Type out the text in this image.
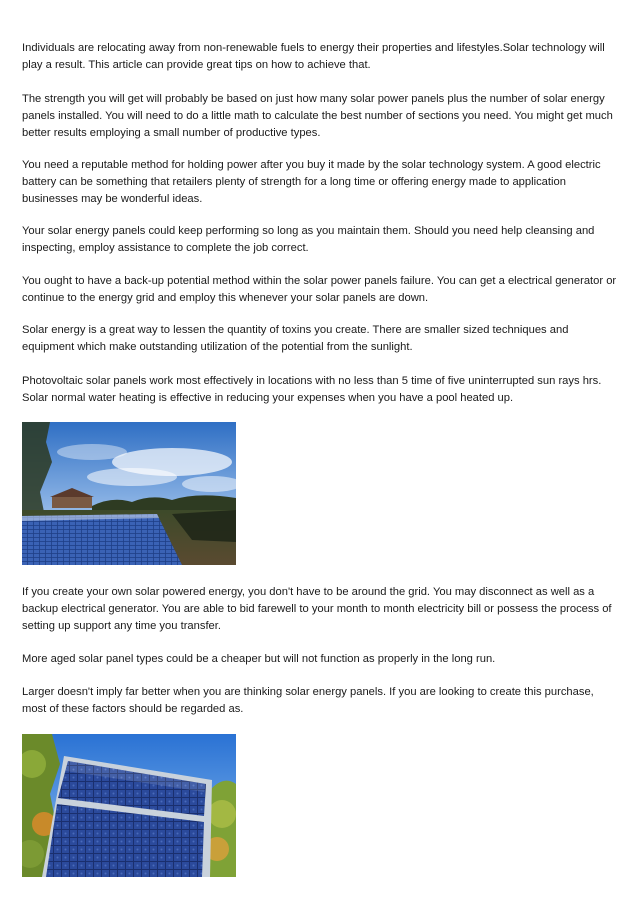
Individuals are relocating away from non-renewable fuels to energy their properties and lifestyles.Solar technology will play a result. This article can provide great tips on how to achieve that.

The strength you will get will probably be based on just how many solar power panels plus the number of solar energy panels installed. You will need to do a little math to calculate the best number of sections you need. You might get much better results employing a small number of productive types.

You need a reputable method for holding power after you buy it made by the solar technology system. A good electric battery can be something that retailers plenty of strength for a long time or offering energy made to application businesses may be wonderful ideas.

Your solar energy panels could keep performing so long as you maintain them. Should you need help cleansing and inspecting, employ assistance to complete the job correct.

You ought to have a back-up potential method within the solar power panels failure. You can get a electrical generator or continue to the energy grid and employ this whenever your solar panels are down.

Solar energy is a great way to lessen the quantity of toxins you create. There are smaller sized techniques and equipment which make outstanding utilization of the potential from the sunlight.

Photovoltaic solar panels work most effectively in locations with no less than 5 time of five uninterrupted sun rays hrs. Solar normal water heating is effective in reducing your expenses when you have a pool heated up.

If you create your own solar powered energy, you don't have to be around the grid. You may disconnect as well as a backup electrical generator. You are able to bid farewell to your month to month electricity bill or possess the process of setting up support any time you transfer.

More aged solar panel types could be a cheaper but will not function as properly in the long run.

Larger doesn't imply far better when you are thinking solar energy panels. If you are looking to create this purchase, most of these factors should be regarded as.
